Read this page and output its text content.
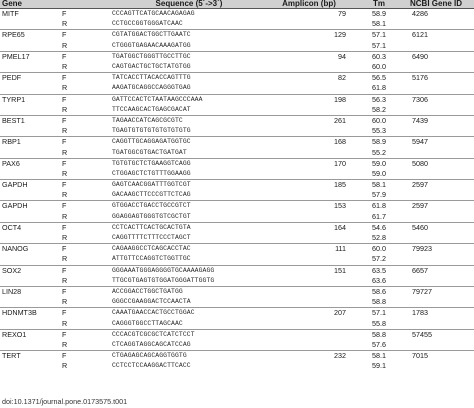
Gene		Sequence (5´->3´)	Amplicon (bp)	Tm	NCBI Gene ID
MITF	F	CCCAGTTCATGCAACAGAGAG	79	58.9	4286
	R	CCTGCCGGTGGGATCAAC		58.1	
RPE65	F	CGTATGGACTGGCTTGAATC	129	57.1	6121
	R	CTGGGTGAGAACAAAGATGG		57.1	
PMEL17	F	TGATGGCTGGGTTGCCTTGC	94	60.3	6490
	R	CAGTGACTGCTGCTATGTGG		60.0	
PEDF	F	TATCACCTTACACCAGTTTG	82	56.5	5176
	R	AAGATGCAGGCCAGGGTGAG		61.8	
TYRP1	F	GATTCCACTCTAATAAGCCCAAA	198	56.3	7306
	R	TTCCAAGCACTGAGCGACAT		58.2	
BEST1	F	TAGAACCATCAGCGCGTC	261	60.0	7439
	R	TGAGTGTGTGTGTGTGTGTG		55.3	
RBP1	F	CAGGTTGCAGGAGATGGTGC	168	58.9	5947
	R	TGATGGCGTGACTGATGAT		55.2	
PAX6	F	TGTGTGCTCTGAAGGTCAGG	170	59.0	5080
	R	CTGGAGCTCTGTTTGGAAGG		59.0	
GAPDH	F	GAGTCAACGGATTTGGTCGT	185	58.1	2597
	R	GACAAGCTTCCCGTTCTCAG		57.9	
GAPDH	F	GTGGACCTGACCTGCCGTCT	153	61.8	2597
	R	GGAGGAGTGGGTGTCGCTGT		61.7	
OCT4	F	CCTCACTTCACTGCACTGTA	164	54.6	5460
	R	CAGGTTTTCTTTCCCTAGCT		52.8	
NANOG	F	CAGAAGGCCTCAGCACCTAC	111	60.0	79923
	R	ATTGTTCCAGGTCTGGTTGC		57.2	
SOX2	F	GGGAAATGGGAGGGGTGCAAAAGAGG	151	63.5	6657
	R	TTGCGTGAGTGTGGATGGGATTGGTG		63.6	
LIN28	F	ACCGGACCTGGCTGATGG		58.6	79727
	R	GGGCCGAAGGACTCCAACTA		58.8	
HDNMT3B	F	CAAATGAACCACTGCCTGGAC	207	57.1	1783
	R	CAGGGTGGCCTTAGCAAC		55.8	
REXO1	F	CCCACGTCGCGCTCATCTCCT		58.8	57455
	R	CTCAGGTAGGCAGCATCCAG		57.6	
TERT	F	CTGAGAGCAGCAGGTGGTG	232	58.1	7015
	R	CCTCCTCCAAGGACTTCACC		59.1	
doi:10.1371/journal.pone.0173575.t001
